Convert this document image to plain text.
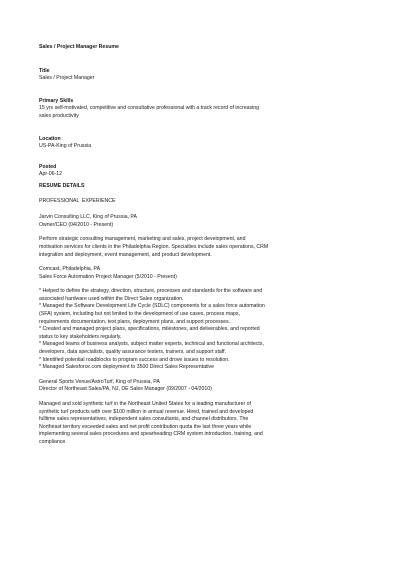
Sales / Project Manager Resume

Title

Sales / Project Manager

Primary Skills

15 yrs self-motivated, competitive and consultative professional with a track record of increasing

sales productivity

Location

US-PA-King of Prussia

Posted

Apr-06-12

RESUME DETAILS

PROFESSIONAL  EXPERIENCE

Jarvin Consulting LLC, King of Prussia, PA

Owner/CEO (04/2010 - Present)

Perform strategic consulting management, marketing and sales, project development, and

motivation services for clients in the Philadelphia Region. Specialties include sales operations, CRM

integration and deployment, event management, and product development.

Comcast, Philadelphia, PA

Sales Force Automation Project Manager (5/2010 - Present)

* Helped to define the strategy, direction, structure, processes and standards for the software and

associated hardware used within the Direct Sales organization.

* Managed the Software Development Life Cycle (SDLC) components for a sales force automation

(SFA) system, including but not limited to the development of use cases, process maps,

requirements documentation, test plans, deployment plans, and support processes.

* Created and managed project plans, specifications, milestones, and deliverables, and reported

status to key stakeholders regularly.

* Managed teams of business analysts, subject matter experts, technical and functional architects,

developers, data specialists, quality assurance testers, trainers, and support staff.

* Identified potential roadblocks to program success and drove issues to resolution.

* Managed Salesforce.com deployment to 3500 Direct Sales Representative

General Sports Venue/AstroTurf, King of Prussia, PA

Director of Northeast Sales/PA, NJ, DE Sales Manager (09/2007 - 04/2010)

Managed and sold synthetic turf in the Northeast United States for a leading manufacturer of

synthetic turf products with over $100 million in annual revenue. Hired, trained and developed

fulltime sales representatives, independent sales consultants, and channel distributors. The

Northeast territory exceeded sales and net profit contribution quota the last three years while

implementing several sales procedures and spearheading CRM system introduction, training, and

compliance.
